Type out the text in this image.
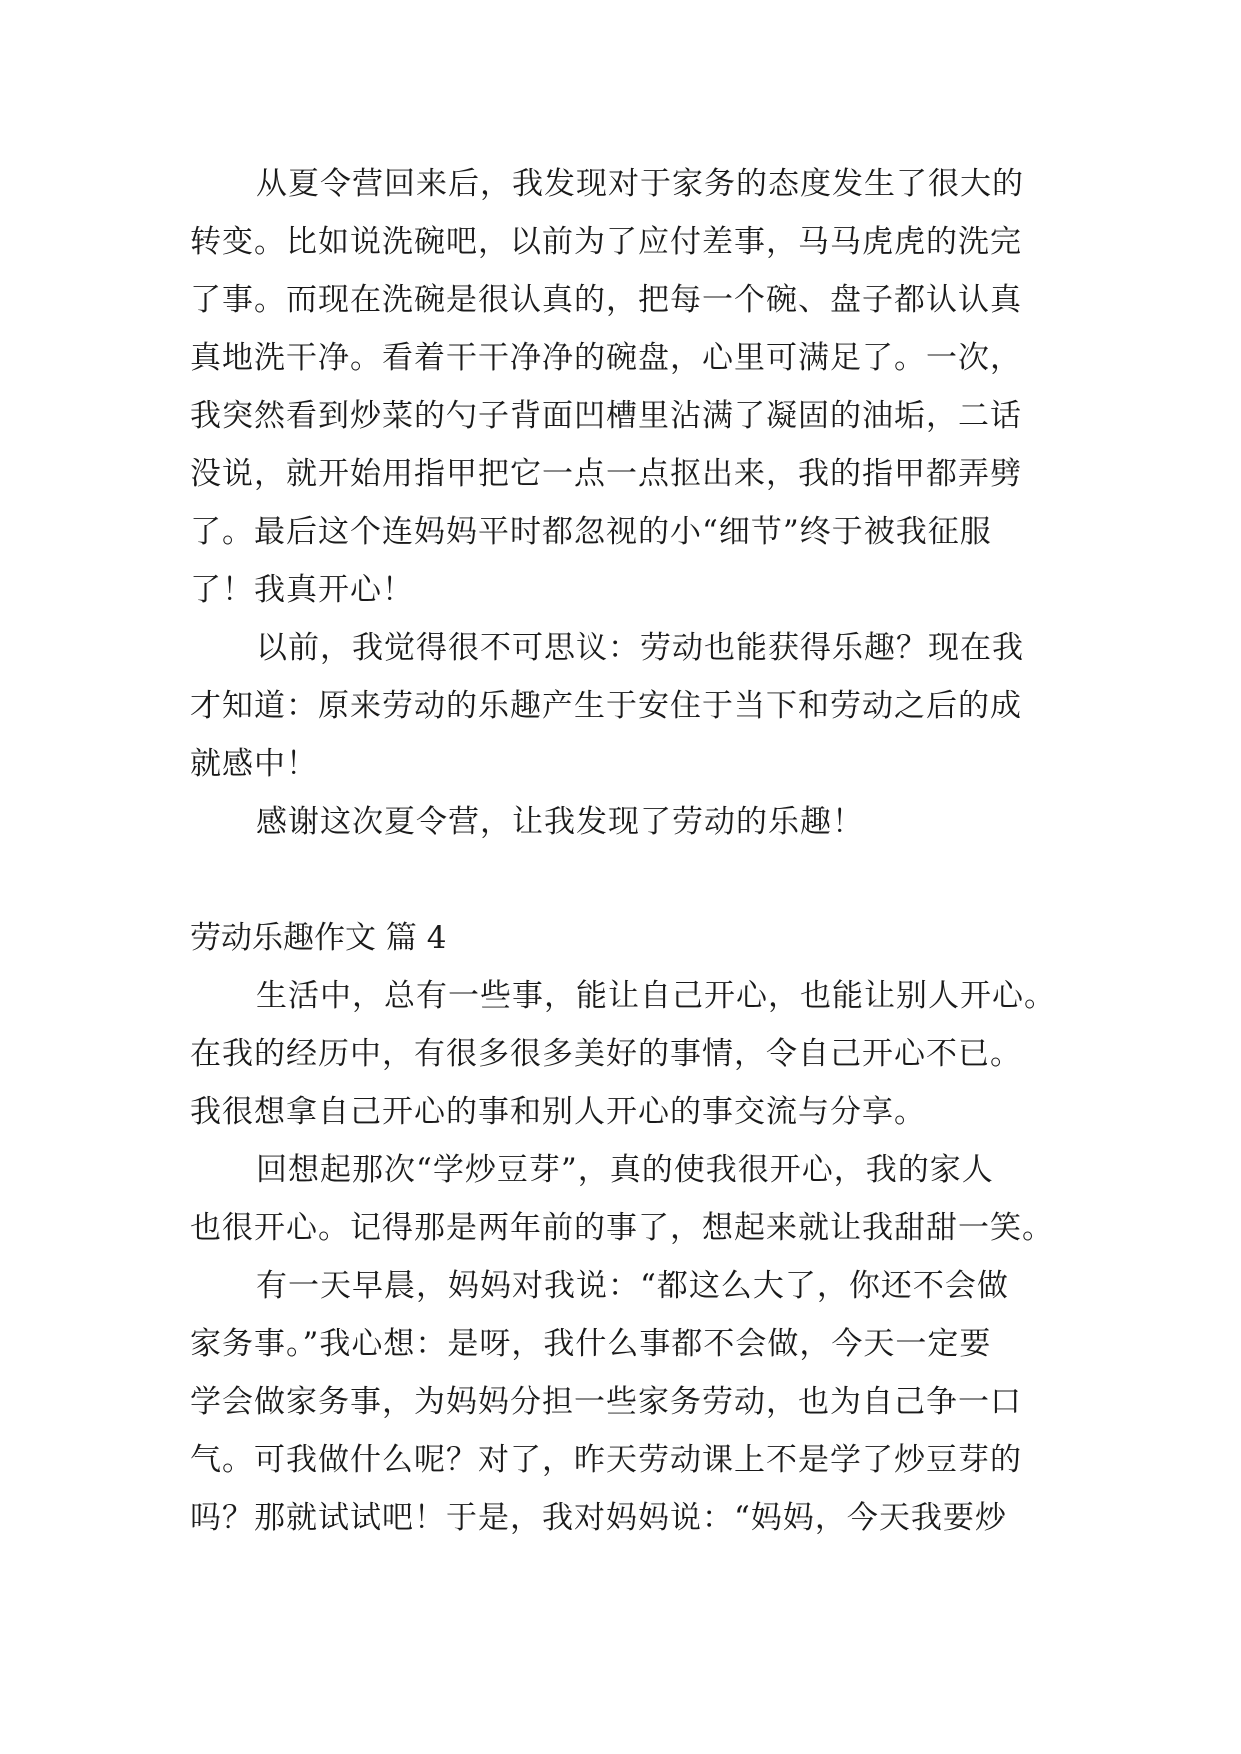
从夏令营回来后，我发现对于家务的态度发生了很大的
转变。比如说洗碗吧，以前为了应付差事，马马虎虎的洗完
了事。而现在洗碗是很认真的，把每一个碗、盘子都认认真
真地洗干净。看着干干净净的碗盘，心里可满足了。一次，
我突然看到炒菜的勺子背面凹槽里沾满了凝固的油垢，二话
没说，就开始用指甲把它一点一点抠出来，我的指甲都弄劈
了。最后这个连妈妈平时都忽视的小“细节”终于被我征服
了！我真开心！
以前，我觉得很不可思议：劳动也能获得乐趣？现在我
才知道：原来劳动的乐趣产生于安住于当下和劳动之后的成
就感中！
感谢这次夏令营，让我发现了劳动的乐趣！
劳动乐趣作文 篇 4
生活中，总有一些事，能让自己开心，也能让别人开心。
在我的经历中，有很多很多美好的事情，令自己开心不已。
我很想拿自己开心的事和别人开心的事交流与分享。
回想起那次“学炒豆芽”，真的使我很开心，我的家人
也很开心。记得那是两年前的事了，想起来就让我甜甜一笑。
有一天早晨，妈妈对我说：“都这么大了，你还不会做
家务事。”我心想：是呀，我什么事都不会做，今天一定要
学会做家务事，为妈妈分担一些家务劳动，也为自己争一口
气。可我做什么呢？对了，昨天劳动课上不是学了炒豆芽的
吗？那就试试吧！于是，我对妈妈说：“妈妈，今天我要炒
